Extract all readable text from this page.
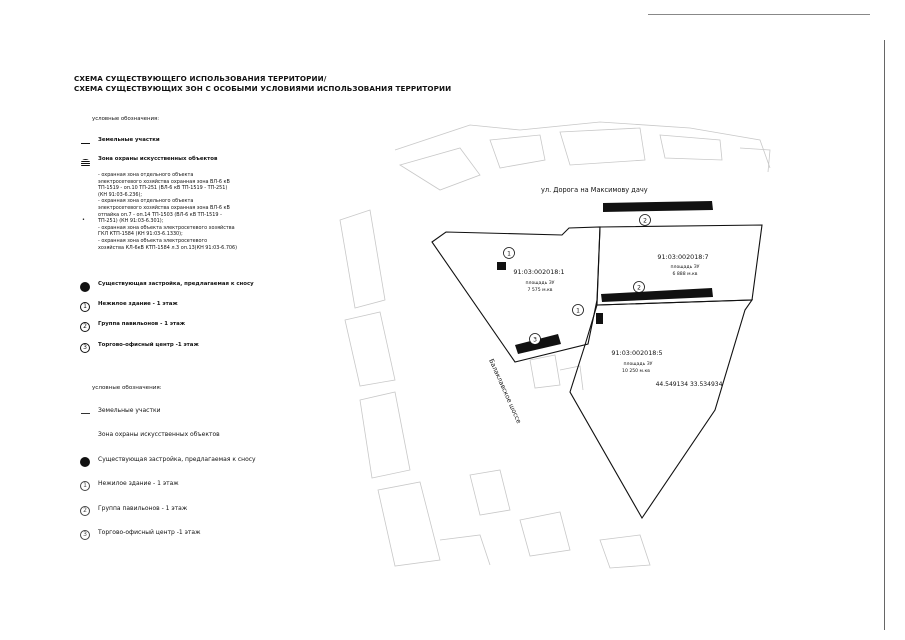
СХЕМА СУЩЕСТВУЮЩЕГО ИСПОЛЬЗОВАНИЯ ТЕРРИТОРИИ/
СХЕМА СУЩЕСТВУЮЩИХ ЗОН С ОСОБЫМИ УСЛОВИЯМИ ИСПОЛЬЗОВАНИЯ ТЕРРИТОРИИ
условные обозначения:
Земельные участки
Зона охраны искусственных объектов
- охранная зона отдельного объекта
электросетевого хозяйства охранная зона ВЛ-6 кВ
ТП-1519 - оп.10 ТП-251 (ВЛ-6 кВ ТП-1519 - ТП-251)
(КН 91:03-6.236);
- охранная зона отдельного объекта
электросетевого хозяйства охранная зона ВЛ-6 кВ
отпайка оп.7 - оп.14 ТП-1503 (ВЛ-6 кВ ТП-1519 -
ТП-251) (КН 91:03-6.301);
- охранная зона объекта электросетевого хозяйства
ГКЛ КТП-1584 (КН 91:03-6.1330);
- охранная зона объекта электросетевого
хозяйства КЛ-6кВ КТП-1584 л.3 оп.13(КН 91:03-6.706)
•
Существующая застройка, предлагаемая к сносу
1	Нежилое здание - 1 этаж
2	Группа павильонов - 1 этаж
3	Торгово-офисный центр -1 этаж
условные обозначения:
Земельные участки
Зона охраны искусственных объектов
Существующая застройка, предлагаемая к сносу
1	Нежилое здание - 1 этаж
2	Группа павильонов - 1 этаж
3	Торгово-офисный центр -1 этаж
1
2
2
3
1
ул. Дорога на Максимову дачу
Балаклавское шоссе
91:03:002018:1
площадь ЗУ
7 575 м.кв
91:03:002018:7
площадь ЗУ
6 888 м.кв
91:03:002018:5
площадь ЗУ
10 250 м.кв
44.549134 33.534934
